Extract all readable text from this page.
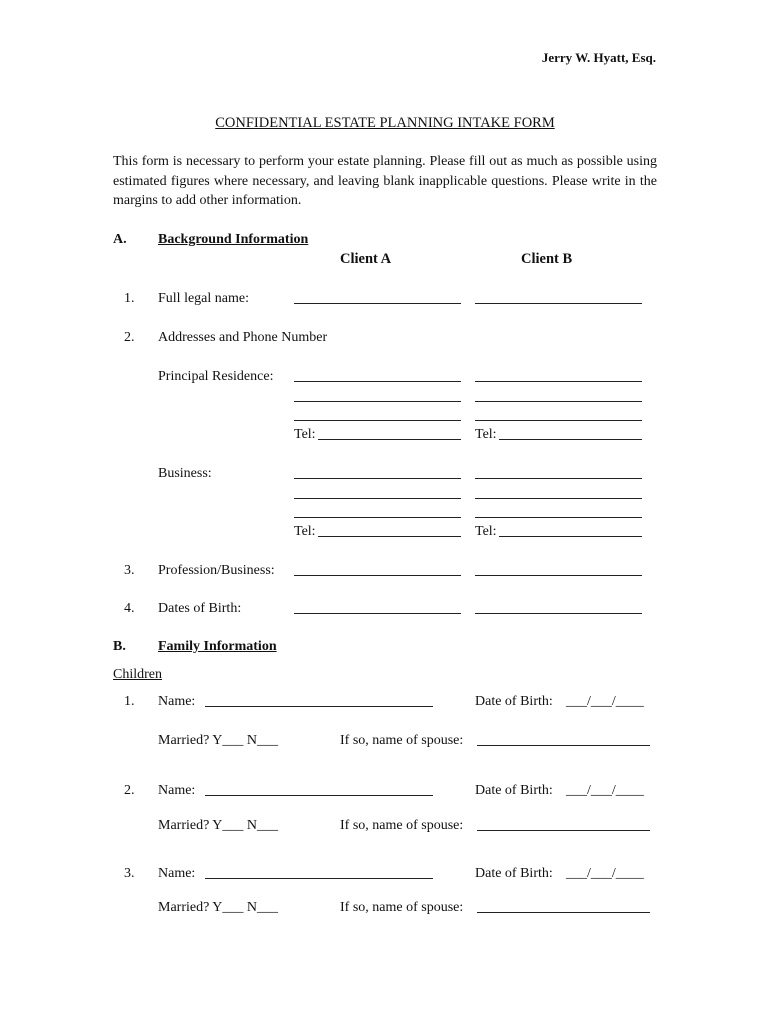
Jerry W. Hyatt, Esq.
CONFIDENTIAL ESTATE PLANNING INTAKE FORM
This form is necessary to perform your estate planning. Please fill out as much as possible using estimated figures where necessary, and leaving blank inapplicable questions. Please write in the margins to add other information.
A. Background Information
Client A	Client B
1. Full legal name:
2. Addresses and Phone Number
Principal Residence:
Tel:	Tel:
Business:
Tel:	Tel:
3. Profession/Business:
4. Dates of Birth:
B. Family Information
Children
1. Name:	Date of Birth: ___/___/____
Married? Y___ N___	If so, name of spouse:
2. Name:	Date of Birth: ___/___/____
Married? Y___ N___	If so, name of spouse:
3. Name:	Date of Birth: ___/___/____
Married? Y___ N___	If so, name of spouse:
